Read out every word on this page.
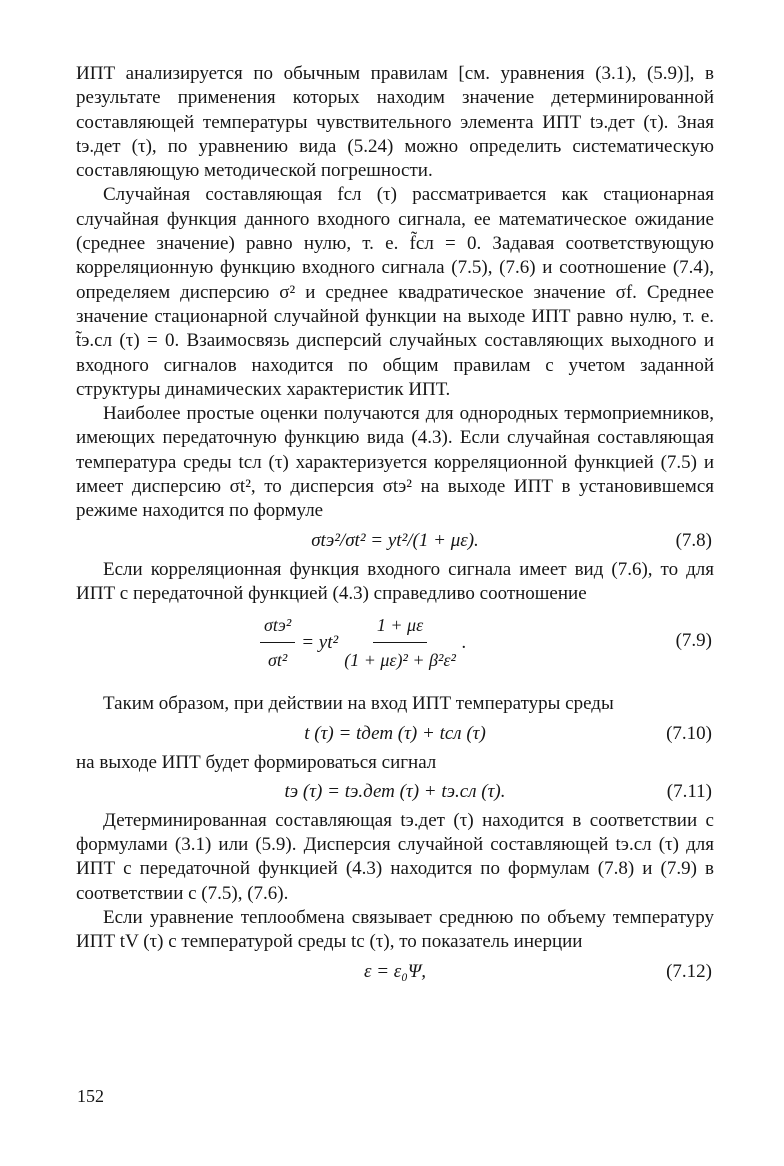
ИПТ анализируется по обычным правилам [см. уравнения (3.1), (5.9)], в результате применения которых находим значение детерминированной составляющей температуры чувствительного элемента ИПТ tэ.дет (τ). Зная tэ.дет (τ), по уравнению вида (5.24) можно определить систематическую составляющую методической погрешности.

Случайная составляющая fсл (τ) рассматривается как стационарная случайная функция данного входного сигнала, ее математическое ожидание (среднее значение) равно нулю, т. е. f̃сл = 0. Задавая соответствующую корреляционную функцию входного сигнала (7.5), (7.6) и соотношение (7.4), определяем дисперсию σ² и среднее квадратическое значение σf. Среднее значение стационарной случайной функции на выходе ИПТ равно нулю, т. е. t̃э.сл (τ) = 0. Взаимосвязь дисперсий случайных составляющих выходного и входного сигналов находится по общим правилам с учетом заданной структуры динамических характеристик ИПТ.

Наиболее простые оценки получаются для однородных термоприемников, имеющих передаточную функцию вида (4.3). Если случайная составляющая температура среды tсл (τ) характеризуется корреляционной функцией (7.5) и имеет дисперсию σt², то дисперсия σtэ² на выходе ИПТ в установившемся режиме находится по формуле

σtэ²/σt² = yt²/(1 + με).	(7.8)

Если корреляционная функция входного сигнала имеет вид (7.6), то для ИПТ с передаточной функцией (4.3) справедливо соотношение

$\frac{\text{σtэ²}}{\text{σt²}} = yt^2 \frac{1 + \mu\varepsilon}{\text{(1 + με)² + β²ε²}}$ .	(7.9)

Таким образом, при действии на вход ИПТ температуры среды

t (τ) = tдет (τ) + tсл (τ)	(7.10)

на выходе ИПТ будет формироваться сигнал

tэ (τ) = tэ.дет (τ) + tэ.сл (τ).	(7.11)

Детерминированная составляющая tэ.дет (τ) находится в соответствии с формулами (3.1) или (5.9). Дисперсия случайной составляющей tэ.сл (τ) для ИПТ с передаточной функцией (4.3) находится по формулам (7.8) и (7.9) в соответствии с (7.5), (7.6).

Если уравнение теплообмена связывает среднюю по объему температуру ИПТ tV (τ) с температурой среды tc (τ), то показатель инерции

ε = ε₀Ψ,	(7.12)
152
